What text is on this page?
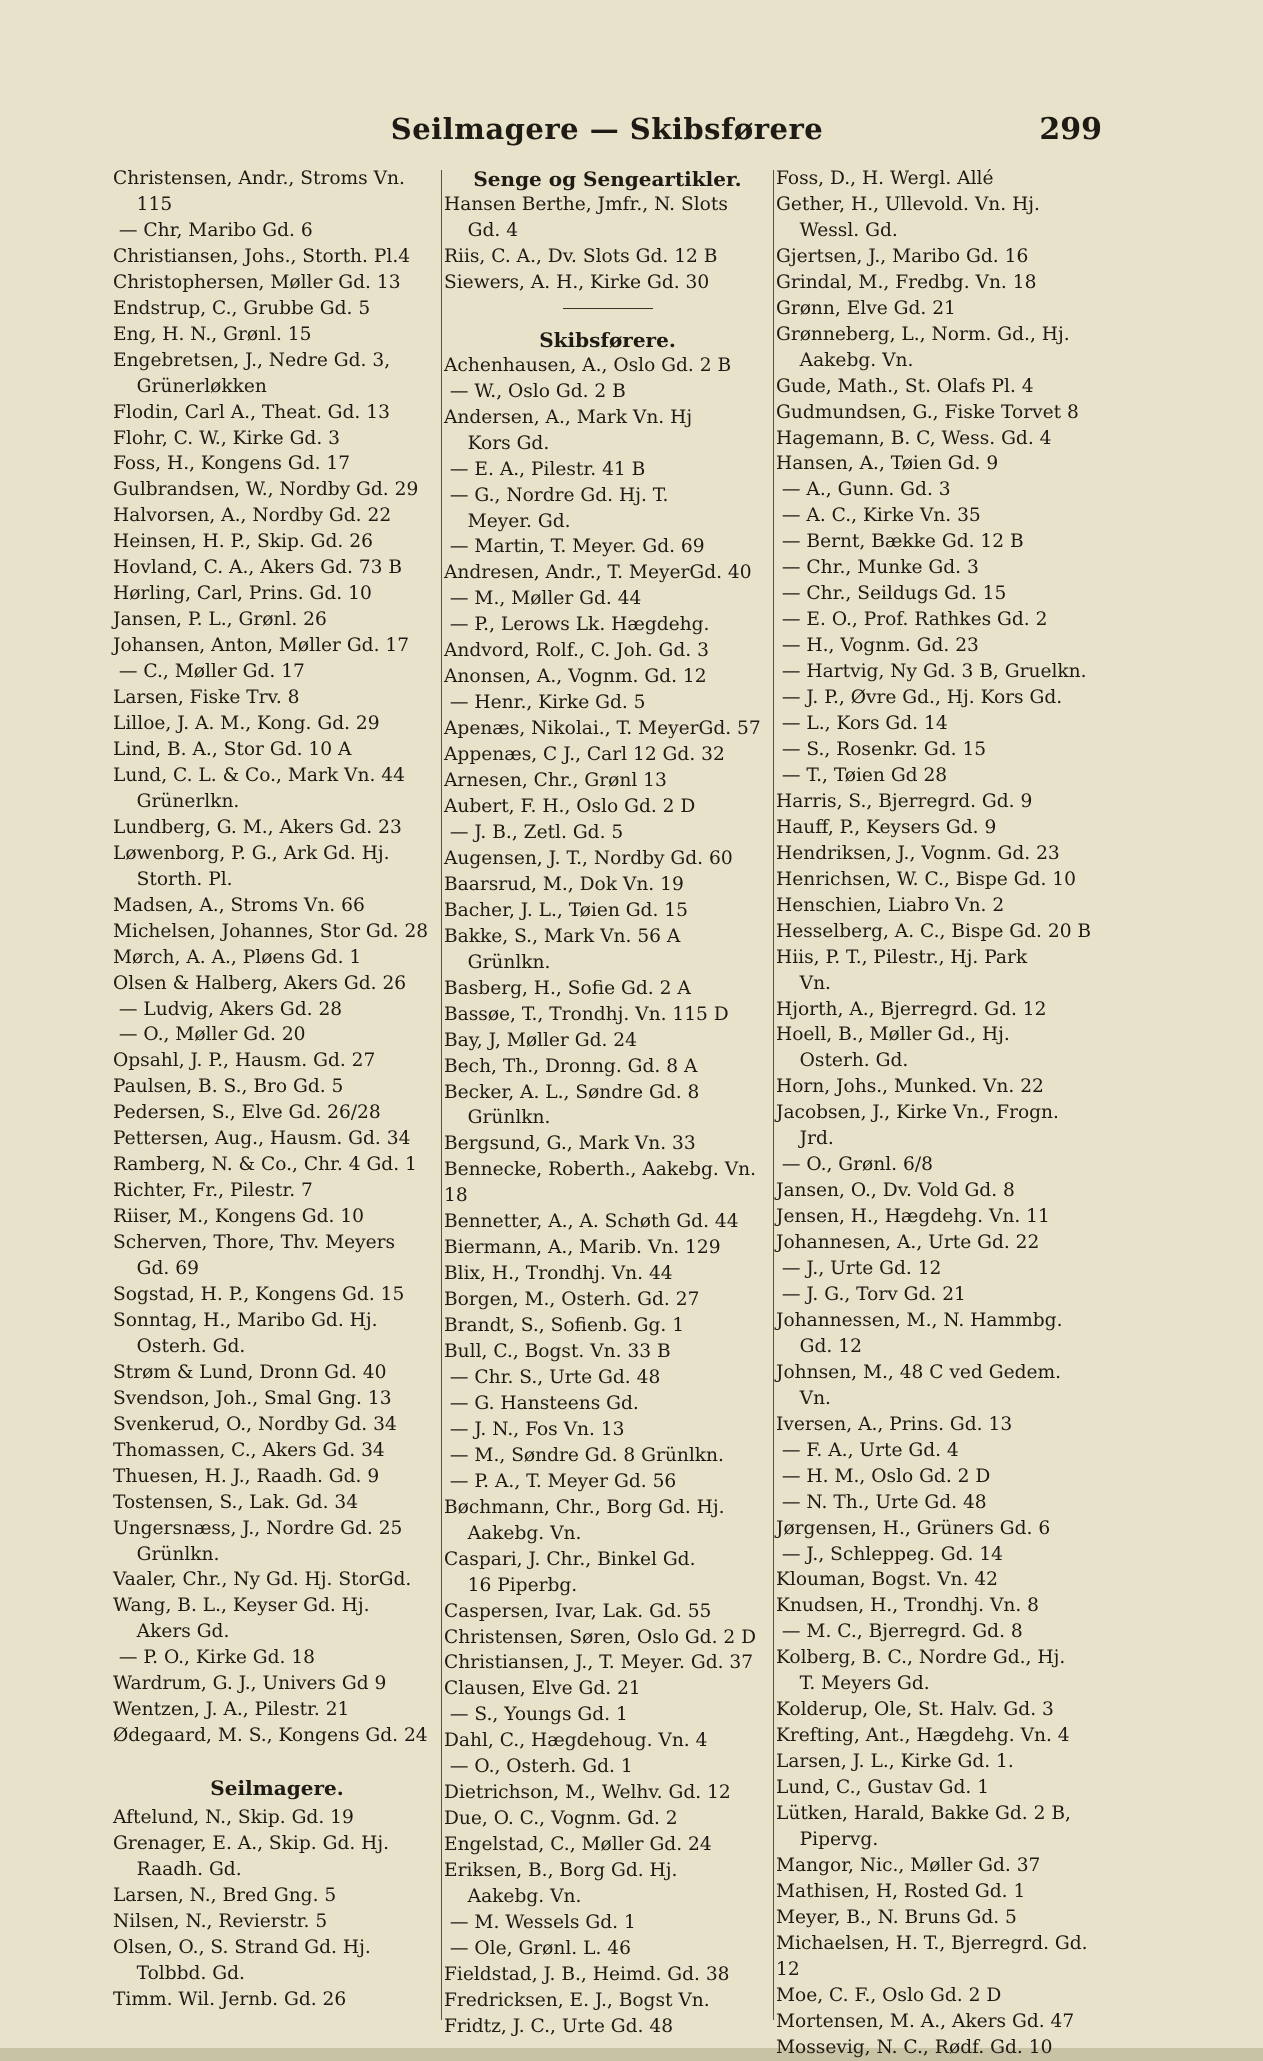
Seilmagere — Skibsførere	299

Christensen, Andr., Stroms Vn.

115

— Chr, Maribo Gd. 6

Christiansen, Johs., Storth. Pl.4

Christophersen, Møller Gd. 13

Endstrup, C., Grubbe Gd. 5

Eng, H. N., Grønl. 15

Engebretsen, J., Nedre Gd. 3,

Grünerløkken

Flodin, Carl A., Theat. Gd. 13

Flohr, C. W., Kirke Gd. 3

Foss, H., Kongens Gd. 17

Gulbrandsen, W., Nordby Gd. 29

Halvorsen, A., Nordby Gd. 22

Heinsen, H. P., Skip. Gd. 26

Hovland, C. A., Akers Gd. 73 B

Hørling, Carl, Prins. Gd. 10

Jansen, P. L., Grønl. 26

Johansen, Anton, Møller Gd. 17

— C., Møller Gd. 17

Larsen, Fiske Trv. 8

Lilloe, J. A. M., Kong. Gd. 29

Lind, B. A., Stor Gd. 10 A

Lund, C. L. & Co., Mark Vn. 44

Grünerlkn.

Lundberg, G. M., Akers Gd. 23

Løwenborg, P. G., Ark Gd. Hj.

Storth. Pl.

Madsen, A., Stroms Vn. 66

Michelsen, Johannes, Stor Gd. 28

Mørch, A. A., Pløens Gd. 1

Olsen & Halberg, Akers Gd. 26

— Ludvig, Akers Gd. 28

— O., Møller Gd. 20

Opsahl, J. P., Hausm. Gd. 27

Paulsen, B. S., Bro Gd. 5

Pedersen, S., Elve Gd. 26/28

Pettersen, Aug., Hausm. Gd. 34

Ramberg, N. & Co., Chr. 4 Gd. 1

Richter, Fr., Pilestr. 7

Riiser, M., Kongens Gd. 10

Scherven, Thore, Thv. Meyers

Gd. 69

Sogstad, H. P., Kongens Gd. 15

Sonntag, H., Maribo Gd. Hj.

Osterh. Gd.

Strøm & Lund, Dronn Gd. 40

Svendson, Joh., Smal Gng. 13

Svenkerud, O., Nordby Gd. 34

Thomassen, C., Akers Gd. 34

Thuesen, H. J., Raadh. Gd. 9

Tostensen, S., Lak. Gd. 34

Ungersnæss, J., Nordre Gd. 25

Grünlkn.

Vaaler, Chr., Ny Gd. Hj. StorGd.

Wang, B. L., Keyser Gd. Hj.

Akers Gd.

— P. O., Kirke Gd. 18

Wardrum, G. J., Univers Gd 9

Wentzen, J. A., Pilestr. 21

Ødegaard, M. S., Kongens Gd. 24

Seilmagere.

Aftelund, N., Skip. Gd. 19

Grenager, E. A., Skip. Gd. Hj.

Raadh. Gd.

Larsen, N., Bred Gng. 5

Nilsen, N., Revierstr. 5

Olsen, O., S. Strand Gd. Hj.

Tolbbd. Gd.

Timm. Wil. Jernb. Gd. 26

Senge og Sengeartikler.

Hansen Berthe, Jmfr., N. Slots

Gd. 4

Riis, C. A., Dv. Slots Gd. 12 B

Siewers, A. H., Kirke Gd. 30

Skibsførere.

Achenhausen, A., Oslo Gd. 2 B

— W., Oslo Gd. 2 B

Andersen, A., Mark Vn. Hj

Kors Gd.

— E. A., Pilestr. 41 B

— G., Nordre Gd. Hj. T.

Meyer. Gd.

— Martin, T. Meyer. Gd. 69

Andresen, Andr., T. MeyerGd. 40

— M., Møller Gd. 44

— P., Lerows Lk. Hægdehg.

Andvord, Rolf., C. Joh. Gd. 3

Anonsen, A., Vognm. Gd. 12

— Henr., Kirke Gd. 5

Apenæs, Nikolai., T. MeyerGd. 57

Appenæs, C J., Carl 12 Gd. 32

Arnesen, Chr., Grønl 13

Aubert, F. H., Oslo Gd. 2 D

— J. B., Zetl. Gd. 5

Augensen, J. T., Nordby Gd. 60

Baarsrud, M., Dok Vn. 19

Bacher, J. L., Tøien Gd. 15

Bakke, S., Mark Vn. 56 A

Grünlkn.

Basberg, H., Sofie Gd. 2 A

Bassøe, T., Trondhj. Vn. 115 D

Bay, J, Møller Gd. 24

Bech, Th., Dronng. Gd. 8 A

Becker, A. L., Søndre Gd. 8

Grünlkn.

Bergsund, G., Mark Vn. 33

Bennecke, Roberth., Aakebg. Vn. 18

Bennetter, A., A. Schøth Gd. 44

Biermann, A., Marib. Vn. 129

Blix, H., Trondhj. Vn. 44

Borgen, M., Osterh. Gd. 27

Brandt, S., Sofienb. Gg. 1

Bull, C., Bogst. Vn. 33 B

— Chr. S., Urte Gd. 48

— G. Hansteens Gd.

— J. N., Fos Vn. 13

— M., Søndre Gd. 8 Grünlkn.

— P. A., T. Meyer Gd. 56

Bøchmann, Chr., Borg Gd. Hj.

Aakebg. Vn.

Caspari, J. Chr., Binkel Gd.

16 Piperbg.

Caspersen, Ivar, Lak. Gd. 55

Christensen, Søren, Oslo Gd. 2 D

Christiansen, J., T. Meyer. Gd. 37

Clausen, Elve Gd. 21

— S., Youngs Gd. 1

Dahl, C., Hægdehoug. Vn. 4

— O., Osterh. Gd. 1

Dietrichson, M., Welhv. Gd. 12

Due, O. C., Vognm. Gd. 2

Engelstad, C., Møller Gd. 24

Eriksen, B., Borg Gd. Hj.

Aakebg. Vn.

— M. Wessels Gd. 1

— Ole, Grønl. L. 46

Fieldstad, J. B., Heimd. Gd. 38

Fredricksen, E. J., Bogst Vn.

Fridtz, J. C., Urte Gd. 48

Foss, D., H. Wergl. Allé

Gether, H., Ullevold. Vn. Hj.

Wessl. Gd.

Gjertsen, J., Maribo Gd. 16

Grindal, M., Fredbg. Vn. 18

Grønn, Elve Gd. 21

Grønneberg, L., Norm. Gd., Hj.

Aakebg. Vn.

Gude, Math., St. Olafs Pl. 4

Gudmundsen, G., Fiske Torvet 8

Hagemann, B. C, Wess. Gd. 4

Hansen, A., Tøien Gd. 9

— A., Gunn. Gd. 3

— A. C., Kirke Vn. 35

— Bernt, Bække Gd. 12 B

— Chr., Munke Gd. 3

— Chr., Seildugs Gd. 15

— E. O., Prof. Rathkes Gd. 2

— H., Vognm. Gd. 23

— Hartvig, Ny Gd. 3 B, Gruelkn.

— J. P., Øvre Gd., Hj. Kors Gd.

— L., Kors Gd. 14

— S., Rosenkr. Gd. 15

— T., Tøien Gd 28

Harris, S., Bjerregrd. Gd. 9

Hauff, P., Keysers Gd. 9

Hendriksen, J., Vognm. Gd. 23

Henrichsen, W. C., Bispe Gd. 10

Henschien, Liabro Vn. 2

Hesselberg, A. C., Bispe Gd. 20 B

Hiis, P. T., Pilestr., Hj. Park

Vn.

Hjorth, A., Bjerregrd. Gd. 12

Hoell, B., Møller Gd., Hj.

Osterh. Gd.

Horn, Johs., Munked. Vn. 22

Jacobsen, J., Kirke Vn., Frogn.

Jrd.

— O., Grønl. 6/8

Jansen, O., Dv. Vold Gd. 8

Jensen, H., Hægdehg. Vn. 11

Johannesen, A., Urte Gd. 22

— J., Urte Gd. 12

— J. G., Torv Gd. 21

Johannessen, M., N. Hammbg.

Gd. 12

Johnsen, M., 48 C ved Gedem.

Vn.

Iversen, A., Prins. Gd. 13

— F. A., Urte Gd. 4

— H. M., Oslo Gd. 2 D

— N. Th., Urte Gd. 48

Jørgensen, H., Grüners Gd. 6

— J., Schleppeg. Gd. 14

Klouman, Bogst. Vn. 42

Knudsen, H., Trondhj. Vn. 8

— M. C., Bjerregrd. Gd. 8

Kolberg, B. C., Nordre Gd., Hj.

T. Meyers Gd.

Kolderup, Ole, St. Halv. Gd. 3

Krefting, Ant., Hægdehg. Vn. 4

Larsen, J. L., Kirke Gd. 1.

Lund, C., Gustav Gd. 1

Lütken, Harald, Bakke Gd. 2 B,

Pipervg.

Mangor, Nic., Møller Gd. 37

Mathisen, H, Rosted Gd. 1

Meyer, B., N. Bruns Gd. 5

Michaelsen, H. T., Bjerregrd. Gd. 12

Moe, C. F., Oslo Gd. 2 D

Mortensen, M. A., Akers Gd. 47

Mossevig, N. C., Rødf. Gd. 10
